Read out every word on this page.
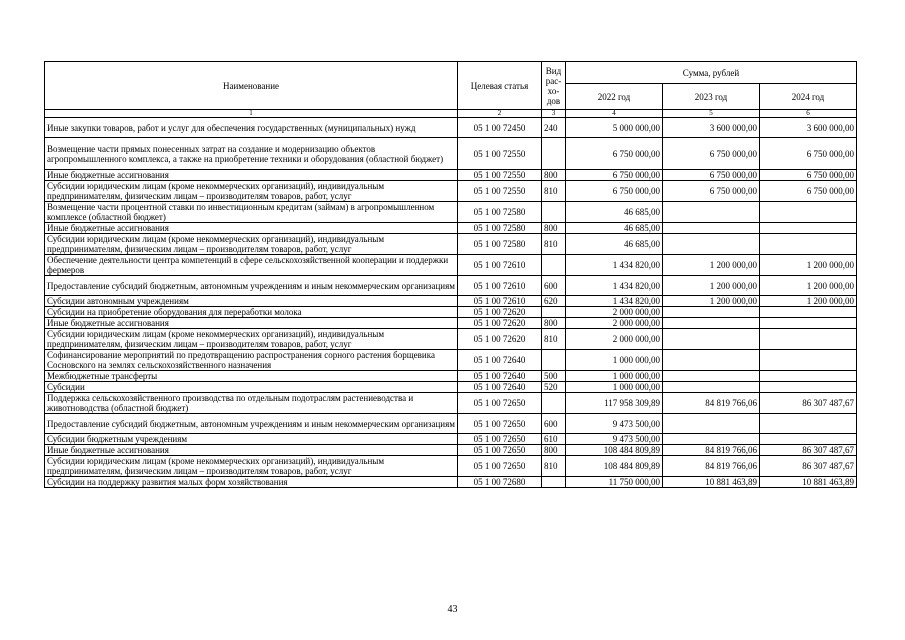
Наименование	Целевая статья	Вид рас-хо-дов	Сумма, рублей		
			2022 год	2023 год	2024 год
1	2	3	4	5	6
Иные закупки товаров, работ и услуг для обеспечения государственных (муниципальных) нужд	05 1 00 72450	240	5 000 000,00	3 600 000,00	3 600 000,00
Возмещение части прямых понесенных затрат на создание и модернизацию объектов агропромышленного комплекса, а также на приобретение техники и оборудования (областной бюджет)	05 1 00 72550		6 750 000,00	6 750 000,00	6 750 000,00
Иные бюджетные ассигнования	05 1 00 72550	800	6 750 000,00	6 750 000,00	6 750 000,00
Субсидии юридическим лицам (кроме некоммерческих организаций), индивидуальным предпринимателям, физическим лицам – производителям товаров, работ, услуг	05 1 00 72550	810	6 750 000,00	6 750 000,00	6 750 000,00
Возмещение части процентной ставки по инвестиционным кредитам (займам) в агропромышленном комплексе (областной бюджет)	05 1 00 72580		46 685,00		
Иные бюджетные ассигнования	05 1 00 72580	800	46 685,00		
Субсидии юридическим лицам (кроме некоммерческих организаций), индивидуальным предпринимателям, физическим лицам – производителям товаров, работ, услуг	05 1 00 72580	810	46 685,00		
Обеспечение деятельности центра компетенций в сфере сельскохозяйственной кооперации и поддержки фермеров	05 1 00 72610		1 434 820,00	1 200 000,00	1 200 000,00
Предоставление субсидий бюджетным, автономным учреждениям и иным некоммерческим организациям	05 1 00 72610	600	1 434 820,00	1 200 000,00	1 200 000,00
Субсидии автономным учреждениям	05 1 00 72610	620	1 434 820,00	1 200 000,00	1 200 000,00
Субсидии на приобретение оборудования для переработки молока	05 1 00 72620		2 000 000,00		
Иные бюджетные ассигнования	05 1 00 72620	800	2 000 000,00		
Субсидии юридическим лицам (кроме некоммерческих организаций), индивидуальным предпринимателям, физическим лицам – производителям товаров, работ, услуг	05 1 00 72620	810	2 000 000,00		
Софинансирование мероприятий по предотвращению распространения сорного растения борщевика Сосновского на землях сельскохозяйственного назначения	05 1 00 72640		1 000 000,00		
Межбюджетные трансферты	05 1 00 72640	500	1 000 000,00		
Субсидии	05 1 00 72640	520	1 000 000,00		
Поддержка сельскохозяйственного производства по отдельным подотраслям растениеводства и животноводства (областной бюджет)	05 1 00 72650		117 958 309,89	84 819 766,06	86 307 487,67
Предоставление субсидий бюджетным, автономным учреждениям и иным некоммерческим организациям	05 1 00 72650	600	9 473 500,00		
Субсидии бюджетным учреждениям	05 1 00 72650	610	9 473 500,00		
Иные бюджетные ассигнования	05 1 00 72650	800	108 484 809,89	84 819 766,06	86 307 487,67
Субсидии юридическим лицам (кроме некоммерческих организаций), индивидуальным предпринимателям, физическим лицам – производителям товаров, работ, услуг	05 1 00 72650	810	108 484 809,89	84 819 766,06	86 307 487,67
Субсидии на поддержку развития малых форм хозяйствования	05 1 00 72680		11 750 000,00	10 881 463,89	10 881 463,89
43
